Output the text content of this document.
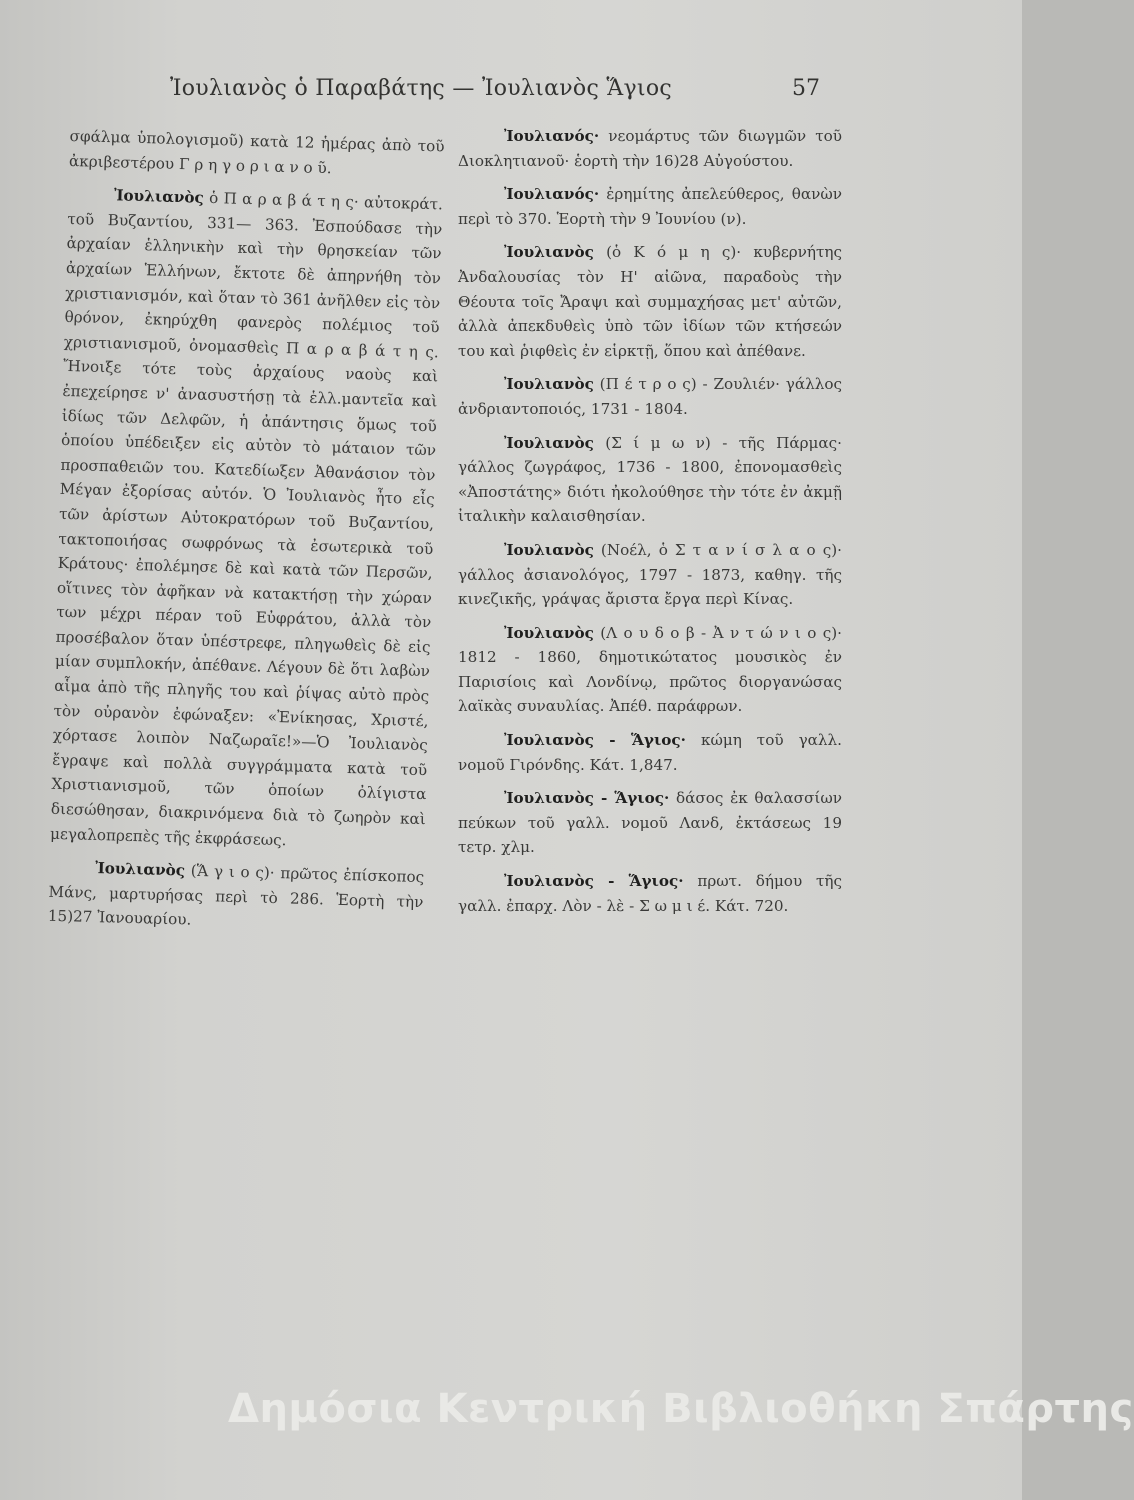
Ἰουλιανὸς ὁ Παραβάτης — Ἰουλιανὸς Ἅγιος	57

σφάλμα ὑπολογισμοῦ) κατὰ 12 ἡμέρας ἀπὸ τοῦ ἀκριβεστέρου Γ ρ η γ ο ρ ι α ν ο ῦ.

Ἰουλιανὸς ὁ Π α ρ α β ά τ η ς· αὐτοκράτ. τοῦ Βυζαντίου, 331— 363. Ἐσπούδασε τὴν ἀρχαίαν ἑλληνικὴν καὶ τὴν θρησκείαν τῶν ἀρχαίων Ἑλλήνων, ἔκτοτε δὲ ἀπηρνήθη τὸν χριστιανισμόν, καὶ ὅταν τὸ 361 ἀνῆλθεν εἰς τὸν θρόνον, ἐκηρύχθη φανερὸς πολέμιος τοῦ χριστιανισμοῦ, ὀνομασθεὶς Π α ρ α β ά τ η ς. Ἤνοιξε τότε τοὺς ἀρχαίους ναοὺς καὶ ἐπεχείρησε ν' ἀνασυστήσῃ τὰ ἑλλ.μαντεῖα καὶ ἰδίως τῶν Δελφῶν, ἡ ἀπάντησις ὅμως τοῦ ὁποίου ὑπέδειξεν εἰς αὐτὸν τὸ μάταιον τῶν προσπαθειῶν του. Κατεδίωξεν Ἀθανάσιον τὸν Μέγαν ἐξορίσας αὐτόν. Ὁ Ἰουλιανὸς ἦτο εἷς τῶν ἀρίστων Αὐτοκρατόρων τοῦ Βυζαντίου, τακτοποιήσας σωφρόνως τὰ ἐσωτερικὰ τοῦ Κράτους· ἐπολέμησε δὲ καὶ κατὰ τῶν Περσῶν, οἵτινες τὸν ἀφῆκαν νὰ κατακτήσῃ τὴν χώραν των μέχρι πέραν τοῦ Εὐφράτου, ἀλλὰ τὸν προσέβαλον ὅταν ὑπέστρεφε, πληγωθεὶς δὲ εἰς μίαν συμπλοκήν, ἀπέθανε. Λέγουν δὲ ὅτι λαβὼν αἷμα ἀπὸ τῆς πληγῆς του καὶ ῥίψας αὐτὸ πρὸς τὸν οὐρανὸν ἐφώναξεν: «Ἐνίκησας, Χριστέ, χόρτασε λοιπὸν Ναζωραῖε!»—Ὁ Ἰουλιανὸς ἔγραψε καὶ πολλὰ συγγράμματα κατὰ τοῦ Χριστιανισμοῦ, τῶν ὁποίων ὀλίγιστα διεσώθησαν, διακρινόμενα διὰ τὸ ζωηρὸν καὶ μεγαλοπρεπὲς τῆς ἐκφράσεως.

Ἰουλιανὸς (Ἅ γ ι ο ς)· πρῶτος ἐπίσκοπος Μάνς, μαρτυρήσας περὶ τὸ 286. Ἑορτὴ τὴν 15)27 Ἰανουαρίου.

Ἰουλιανός· νεομάρτυς τῶν διωγμῶν τοῦ Διοκλητιανοῦ· ἑορτὴ τὴν 16)28 Αὐγούστου.

Ἰουλιανός· ἐρημίτης ἀπελεύθερος, θανὼν περὶ τὸ 370. Ἑορτὴ τὴν 9 Ἰουνίου (ν).

Ἰουλιανὸς (ὁ Κ ό μ η ς)· κυβερνήτης Ἀνδαλουσίας τὸν Η' αἰῶνα, παραδοὺς τὴν Θέουτα τοῖς Ἄραψι καὶ συμμαχήσας μετ' αὐτῶν, ἀλλὰ ἀπεκδυθεὶς ὑπὸ τῶν ἰδίων τῶν κτήσεών του καὶ ῥιφθεὶς ἐν εἱρκτῇ, ὅπου καὶ ἀπέθανε.

Ἰουλιανὸς (Π έ τ ρ ο ς) - Ζουλιέν· γάλλος ἀνδριαντοποιός, 1731 - 1804.

Ἰουλιανὸς (Σ ί μ ω ν) - τῆς Πάρμας· γάλλος ζωγράφος, 1736 - 1800, ἐπονομασθεὶς «Ἀποστάτης» διότι ἠκολούθησε τὴν τότε ἐν ἀκμῇ ἰταλικὴν καλαισθησίαν.

Ἰουλιανὸς (Νοέλ, ὁ Σ τ α ν ί σ λ α ο ς)· γάλλος ἀσιανολόγος, 1797 - 1873, καθηγ. τῆς κινεζικῆς, γράψας ἄριστα ἔργα περὶ Κίνας.

Ἰουλιανὸς (Λ ο υ δ ο β - Ἀ ν τ ώ ν ι ο ς)· 1812 - 1860, δημοτικώτατος μουσικὸς ἐν Παρισίοις καὶ Λονδίνῳ, πρῶτος διοργανώσας λαϊκὰς συναυλίας. Ἀπέθ. παράφρων.

Ἰουλιανὸς - Ἅγιος· κώμη τοῦ γαλλ. νομοῦ Γιρόνδης. Κάτ. 1,847.

Ἰουλιανὸς - Ἅγιος· δάσος ἐκ θαλασσίων πεύκων τοῦ γαλλ. νομοῦ Λανδ, ἐκτάσεως 19 τετρ. χλμ.

Ἰουλιανὸς - Ἅγιος· πρωτ. δήμου τῆς γαλλ. ἐπαρχ. Λὸν - λὲ - Σ ω μ ι έ. Κάτ. 720.

Δημόσια Κεντρική Βιβλιοθήκη Σπάρτης
